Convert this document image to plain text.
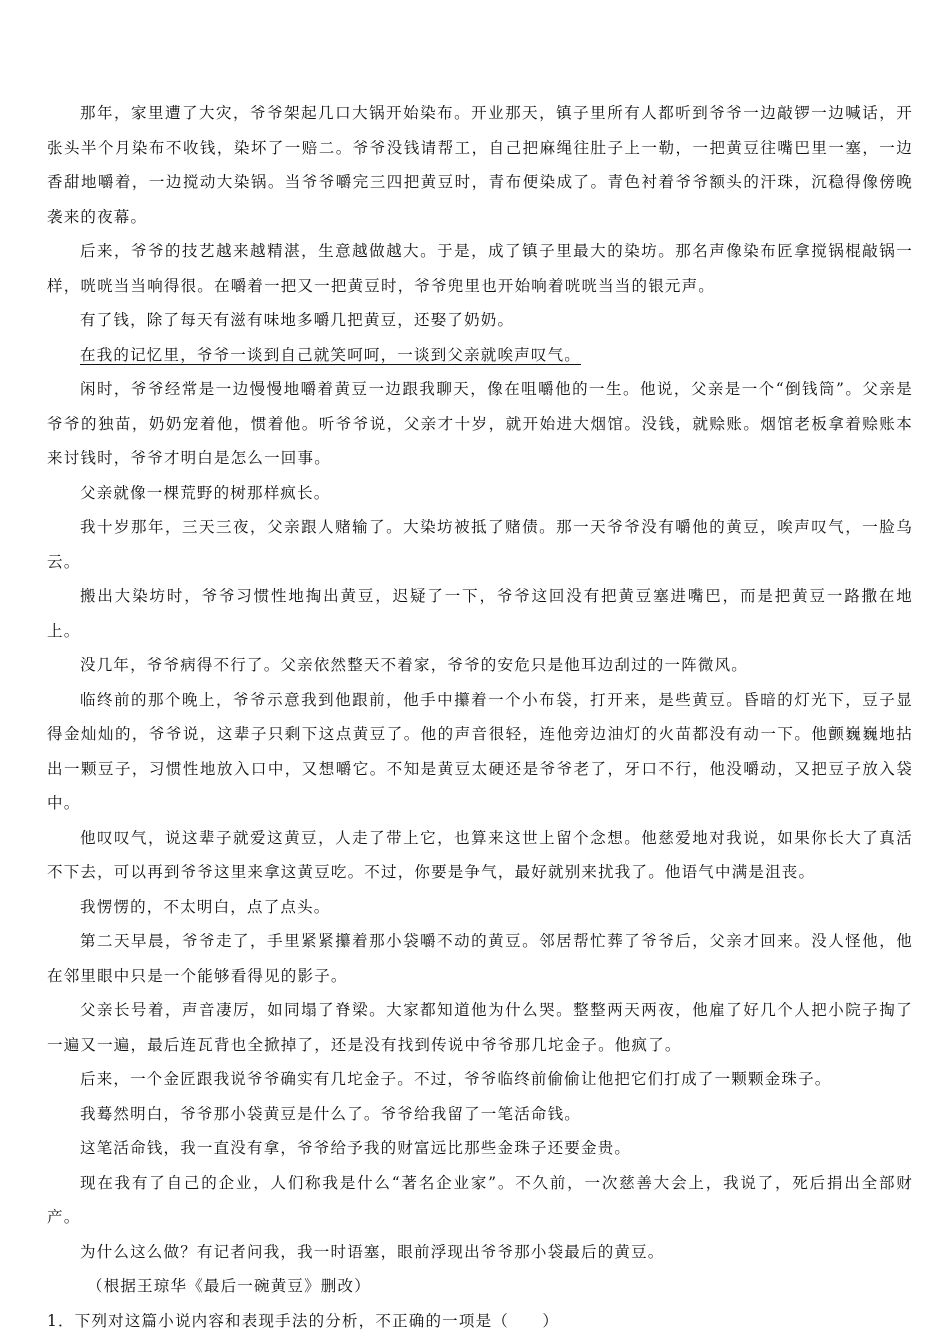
那年，家里遭了大灾，爷爷架起几口大锅开始染布。开业那天，镇子里所有人都听到爷爷一边敲锣一边喊话，开张头半个月染布不收钱，染坏了一赔二。爷爷没钱请帮工，自己把麻绳往肚子上一勒，一把黄豆往嘴巴里一塞，一边香甜地嚼着，一边搅动大染锅。当爷爷嚼完三四把黄豆时，青布便染成了。青色衬着爷爷额头的汗珠，沉稳得像傍晚袭来的夜幕。

后来，爷爷的技艺越来越精湛，生意越做越大。于是，成了镇子里最大的染坊。那名声像染布匠拿搅锅棍敲锅一样，咣咣当当响得很。在嚼着一把又一把黄豆时，爷爷兜里也开始响着咣咣当当的银元声。

有了钱，除了每天有滋有味地多嚼几把黄豆，还娶了奶奶。

在我的记忆里，爷爷一谈到自己就笑呵呵，一谈到父亲就唉声叹气。

闲时，爷爷经常是一边慢慢地嚼着黄豆一边跟我聊天，像在咀嚼他的一生。他说，父亲是一个“倒钱筒”。父亲是爷爷的独苗，奶奶宠着他，惯着他。听爷爷说，父亲才十岁，就开始进大烟馆。没钱，就赊账。烟馆老板拿着赊账本来讨钱时，爷爷才明白是怎么一回事。

父亲就像一棵荒野的树那样疯长。

我十岁那年，三天三夜，父亲跟人赌输了。大染坊被抵了赌债。那一天爷爷没有嚼他的黄豆，唉声叹气，一脸乌云。

搬出大染坊时，爷爷习惯性地掏出黄豆，迟疑了一下，爷爷这回没有把黄豆塞进嘴巴，而是把黄豆一路撒在地上。

没几年，爷爷病得不行了。父亲依然整天不着家，爷爷的安危只是他耳边刮过的一阵微风。

临终前的那个晚上，爷爷示意我到他跟前，他手中攥着一个小布袋，打开来，是些黄豆。昏暗的灯光下，豆子显得金灿灿的，爷爷说，这辈子只剩下这点黄豆了。他的声音很轻，连他旁边油灯的火苗都没有动一下。他颤巍巍地拈出一颗豆子，习惯性地放入口中，又想嚼它。不知是黄豆太硬还是爷爷老了，牙口不行，他没嚼动，又把豆子放入袋中。

他叹叹气，说这辈子就爱这黄豆，人走了带上它，也算来这世上留个念想。他慈爱地对我说，如果你长大了真活不下去，可以再到爷爷这里来拿这黄豆吃。不过，你要是争气，最好就别来扰我了。他语气中满是沮丧。

我愣愣的，不太明白，点了点头。

第二天早晨，爷爷走了，手里紧紧攥着那小袋嚼不动的黄豆。邻居帮忙葬了爷爷后，父亲才回来。没人怪他，他在邻里眼中只是一个能够看得见的影子。

父亲长号着，声音凄厉，如同塌了脊梁。大家都知道他为什么哭。整整两天两夜，他雇了好几个人把小院子掏了一遍又一遍，最后连瓦背也全掀掉了，还是没有找到传说中爷爷那几坨金子。他疯了。

后来，一个金匠跟我说爷爷确实有几坨金子。不过，爷爷临终前偷偷让他把它们打成了一颗颗金珠子。

我蓦然明白，爷爷那小袋黄豆是什么了。爷爷给我留了一笔活命钱。

这笔活命钱，我一直没有拿，爷爷给予我的财富远比那些金珠子还要金贵。

现在我有了自己的企业，人们称我是什么“著名企业家”。不久前，一次慈善大会上，我说了，死后捐出全部财产。

为什么这么做？有记者问我，我一时语塞，眼前浮现出爷爷那小袋最后的黄豆。

（根据王琼华《最后一碗黄豆》删改）

1．下列对这篇小说内容和表现手法的分析，不正确的一项是（　　）
